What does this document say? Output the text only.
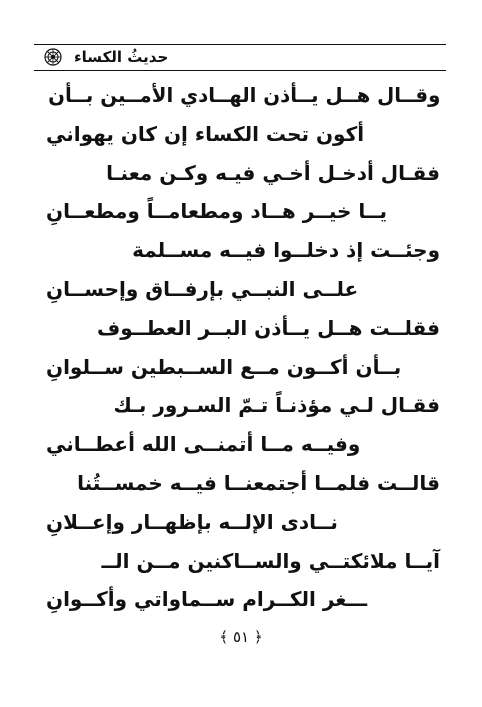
حديثُ الكساء
وقــال هــل يــأذن الهــادي الأمــين بــأن
أكون تحت الكساء إن كان يهواني
فقـال أدخـل أخـي فيـه وكـن معنـا
يــا خيــر هــاد ومطعامــاً ومطعــانِ
وجئــت إذ دخلــوا فيــه مســلمة
علــى النبــي بإرفــاق وإحســانِ
فقلــت هــل يــأذن البــر العطــوف
بــأن أكــون مــع الســبطين ســلوانِ
فقـال لـي مؤذنـاً تـمّ السـرور بـك
وفيــه مــا أتمنــى الله أعطــاني
قالــت فلمــا أجتمعنــا فيــه خمســتُنا
نــادى الإلــه بإظهــار وإعــلانِ
آيــا ملائكتــي والســاكنين مــن الــ
ـــغر الكــرام ســماواتي وأكــوانِ
﴿ ٥١ ﴾
